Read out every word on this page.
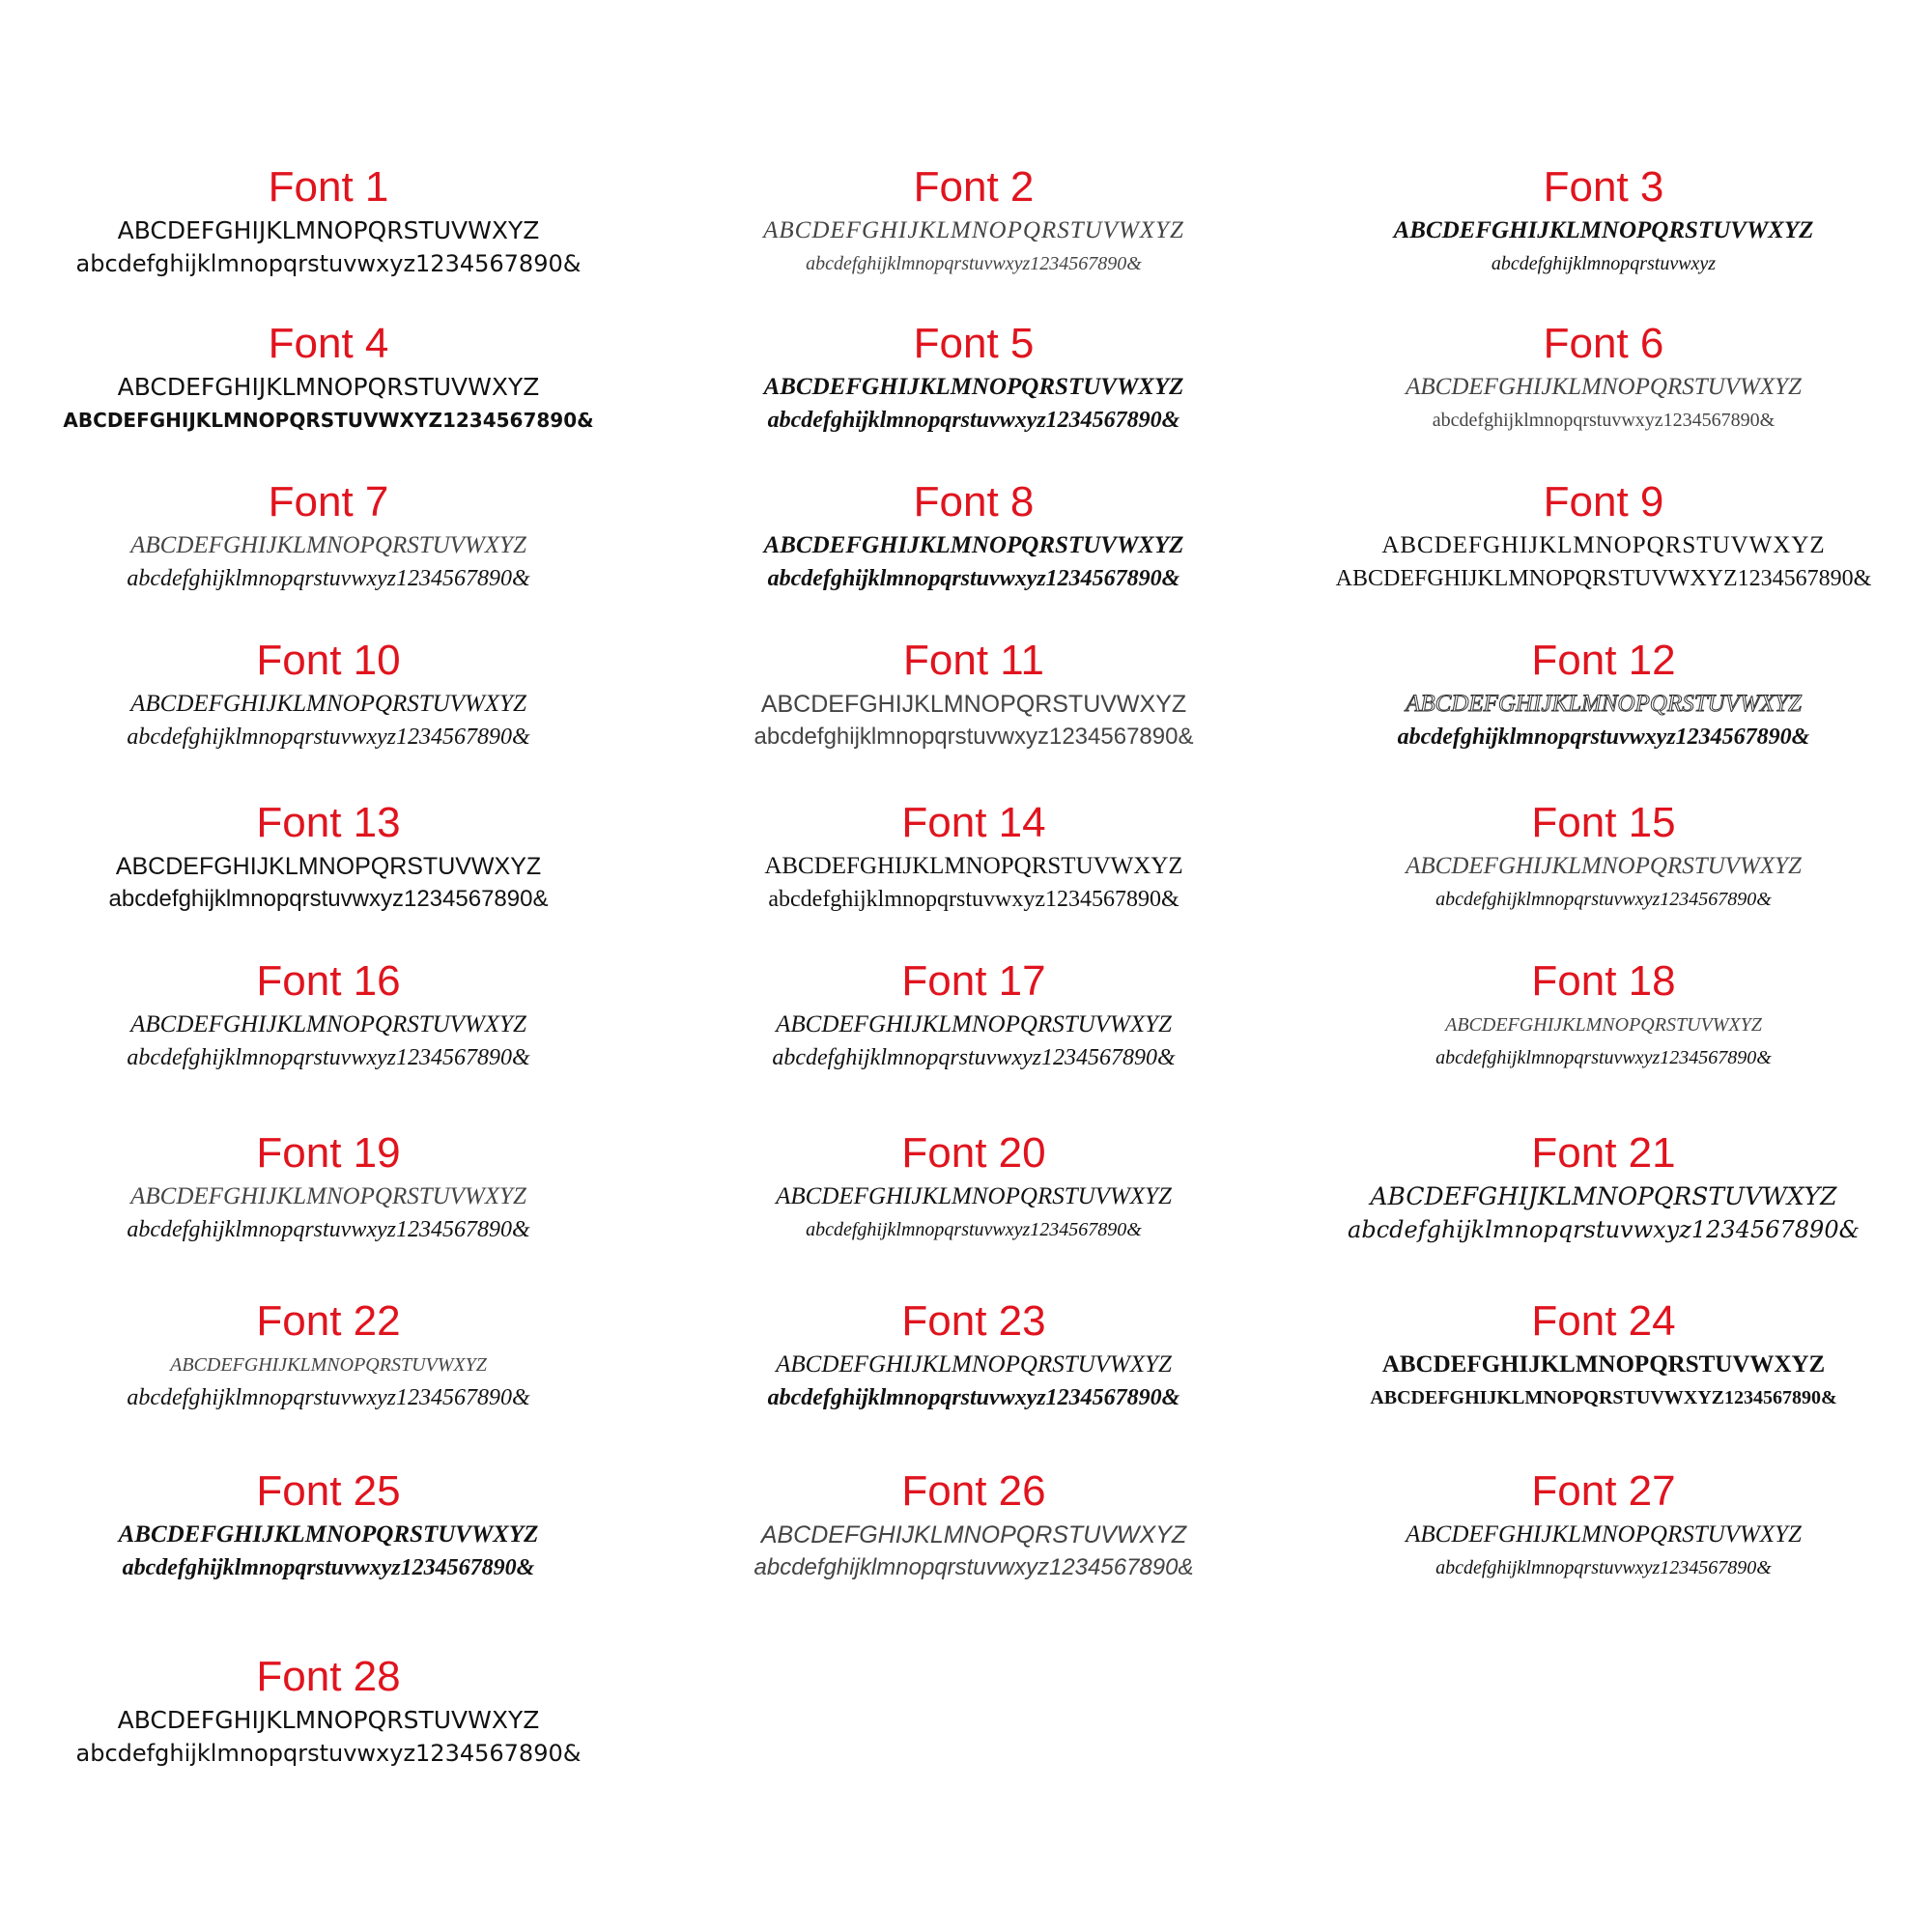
Font 1
ABCDEFGHIJKLMNOPQRSTUVWXYZ
abcdefghijklmnopqrstuvwxyz1234567890&
Font 2
ABCDEFGHIJKLMNOPQRSTUVWXYZ
abcdefghijklmnopqrstuvwxyz1234567890&
Font 3
ABCDEFGHIJKLMNOPQRSTUVWXYZ
abcdefghijklmnopqrstuvwxyz
Font 4
ABCDEFGHIJKLMNOPQRSTUVWXYZ
ABCDEFGHIJKLMNOPQRSTUVWXYZ1234567890&
Font 5
ABCDEFGHIJKLMNOPQRSTUVWXYZ
abcdefghijklmnopqrstuvwxyz1234567890&
Font 6
ABCDEFGHIJKLMNOPQRSTUVWXYZ
abcdefghijklmnopqrstuvwxyz1234567890&
Font 7
ABCDEFGHIJKLMNOPQRSTUVWXYZ
abcdefghijklmnopqrstuvwxyz1234567890&
Font 8
ABCDEFGHIJKLMNOPQRSTUVWXYZ
abcdefghijklmnopqrstuvwxyz1234567890&
Font 9
ABCDEFGHIJKLMNOPQRSTUVWXYZ
ABCDEFGHIJKLMNOPQRSTUVWXYZ1234567890&
Font 10
ABCDEFGHIJKLMNOPQRSTUVWXYZ
abcdefghijklmnopqrstuvwxyz1234567890&
Font 11
ABCDEFGHIJKLMNOPQRSTUVWXYZ
abcdefghijklmnopqrstuvwxyz1234567890&
Font 12
ABCDEFGHIJKLMNOPQRSTUVWXYZ
abcdefghijklmnopqrstuvwxyz1234567890&
Font 13
ABCDEFGHIJKLMNOPQRSTUVWXYZ
abcdefghijklmnopqrstuvwxyz1234567890&
Font 14
ABCDEFGHIJKLMNOPQRSTUVWXYZ
abcdefghijklmnopqrstuvwxyz1234567890&
Font 15
ABCDEFGHIJKLMNOPQRSTUVWXYZ
abcdefghijklmnopqrstuvwxyz1234567890&
Font 16
ABCDEFGHIJKLMNOPQRSTUVWXYZ
abcdefghijklmnopqrstuvwxyz1234567890&
Font 17
ABCDEFGHIJKLMNOPQRSTUVWXYZ
abcdefghijklmnopqrstuvwxyz1234567890&
Font 18
ABCDEFGHIJKLMNOPQRSTUVWXYZ
abcdefghijklmnopqrstuvwxyz1234567890&
Font 19
ABCDEFGHIJKLMNOPQRSTUVWXYZ
abcdefghijklmnopqrstuvwxyz1234567890&
Font 20
ABCDEFGHIJKLMNOPQRSTUVWXYZ
abcdefghijklmnopqrstuvwxyz1234567890&
Font 21
ABCDEFGHIJKLMNOPQRSTUVWXYZ
abcdefghijklmnopqrstuvwxyz1234567890&
Font 22
ABCDEFGHIJKLMNOPQRSTUVWXYZ
abcdefghijklmnopqrstuvwxyz1234567890&
Font 23
ABCDEFGHIJKLMNOPQRSTUVWXYZ
abcdefghijklmnopqrstuvwxyz1234567890&
Font 24
ABCDEFGHIJKLMNOPQRSTUVWXYZ
ABCDEFGHIJKLMNOPQRSTUVWXYZ1234567890&
Font 25
ABCDEFGHIJKLMNOPQRSTUVWXYZ
abcdefghijklmnopqrstuvwxyz1234567890&
Font 26
ABCDEFGHIJKLMNOPQRSTUVWXYZ
abcdefghijklmnopqrstuvwxyz1234567890&
Font 27
ABCDEFGHIJKLMNOPQRSTUVWXYZ
abcdefghijklmnopqrstuvwxyz1234567890&
Font 28
ABCDEFGHIJKLMNOPQRSTUVWXYZ
abcdefghijklmnopqrstuvwxyz1234567890&
